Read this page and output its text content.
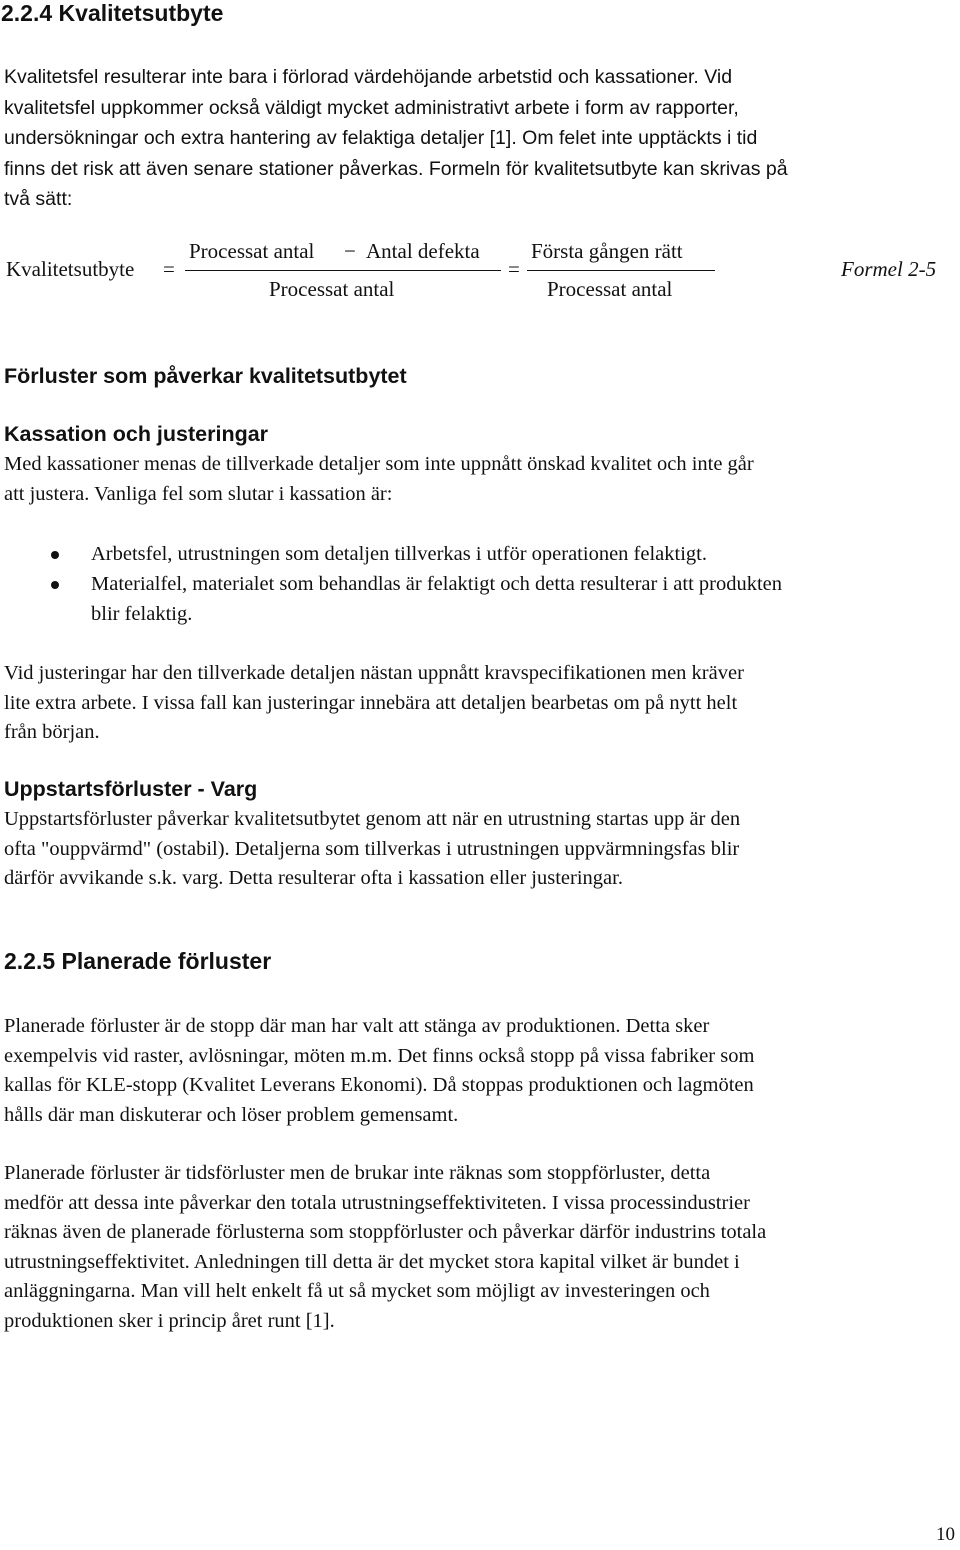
2.2.4 Kvalitetsutbyte
Kvalitetsfel resulterar inte bara i förlorad värdehöjande arbetstid och kassationer. Vid
kvalitetsfel uppkommer också väldigt mycket administrativt arbete i form av rapporter,
undersökningar och extra hantering av felaktiga detaljer [1]. Om felet inte upptäckts i tid
finns det risk att även senare stationer påverkas. Formeln för kvalitetsutbyte kan skrivas på
två sätt:
Kvalitetsutbyte =
Processat antal − Antal defekta
Processat antal
=
Första gången rätt
Processat antal
Formel 2-5
Förluster som påverkar kvalitetsutbytet
Kassation och justeringar
Med kassationer menas de tillverkade detaljer som inte uppnått önskad kvalitet och inte går
att justera. Vanliga fel som slutar i kassation är:
Arbetsfel, utrustningen som detaljen tillverkas i utför operationen felaktigt.
Materialfel, materialet som behandlas är felaktigt och detta resulterar i att produkten
blir felaktig.
Vid justeringar har den tillverkade detaljen nästan uppnått kravspecifikationen men kräver
lite extra arbete. I vissa fall kan justeringar innebära att detaljen bearbetas om på nytt helt
från början.
Uppstartsförluster - Varg
Uppstartsförluster påverkar kvalitetsutbytet genom att när en utrustning startas upp är den
ofta "ouppvärmd" (ostabil). Detaljerna som tillverkas i utrustningen uppvärmningsfas blir
därför avvikande s.k. varg. Detta resulterar ofta i kassation eller justeringar.
2.2.5 Planerade förluster
Planerade förluster är de stopp där man har valt att stänga av produktionen. Detta sker
exempelvis vid raster, avlösningar, möten m.m. Det finns också stopp på vissa fabriker som
kallas för KLE-stopp (Kvalitet Leverans Ekonomi). Då stoppas produktionen och lagmöten
hålls där man diskuterar och löser problem gemensamt.
Planerade förluster är tidsförluster men de brukar inte räknas som stoppförluster, detta
medför att dessa inte påverkar den totala utrustningseffektiviteten. I vissa processindustrier
räknas även de planerade förlusterna som stoppförluster och påverkar därför industrins totala
utrustningseffektivitet. Anledningen till detta är det mycket stora kapital vilket är bundet i
anläggningarna. Man vill helt enkelt få ut så mycket som möjligt av investeringen och
produktionen sker i princip året runt [1].
10
